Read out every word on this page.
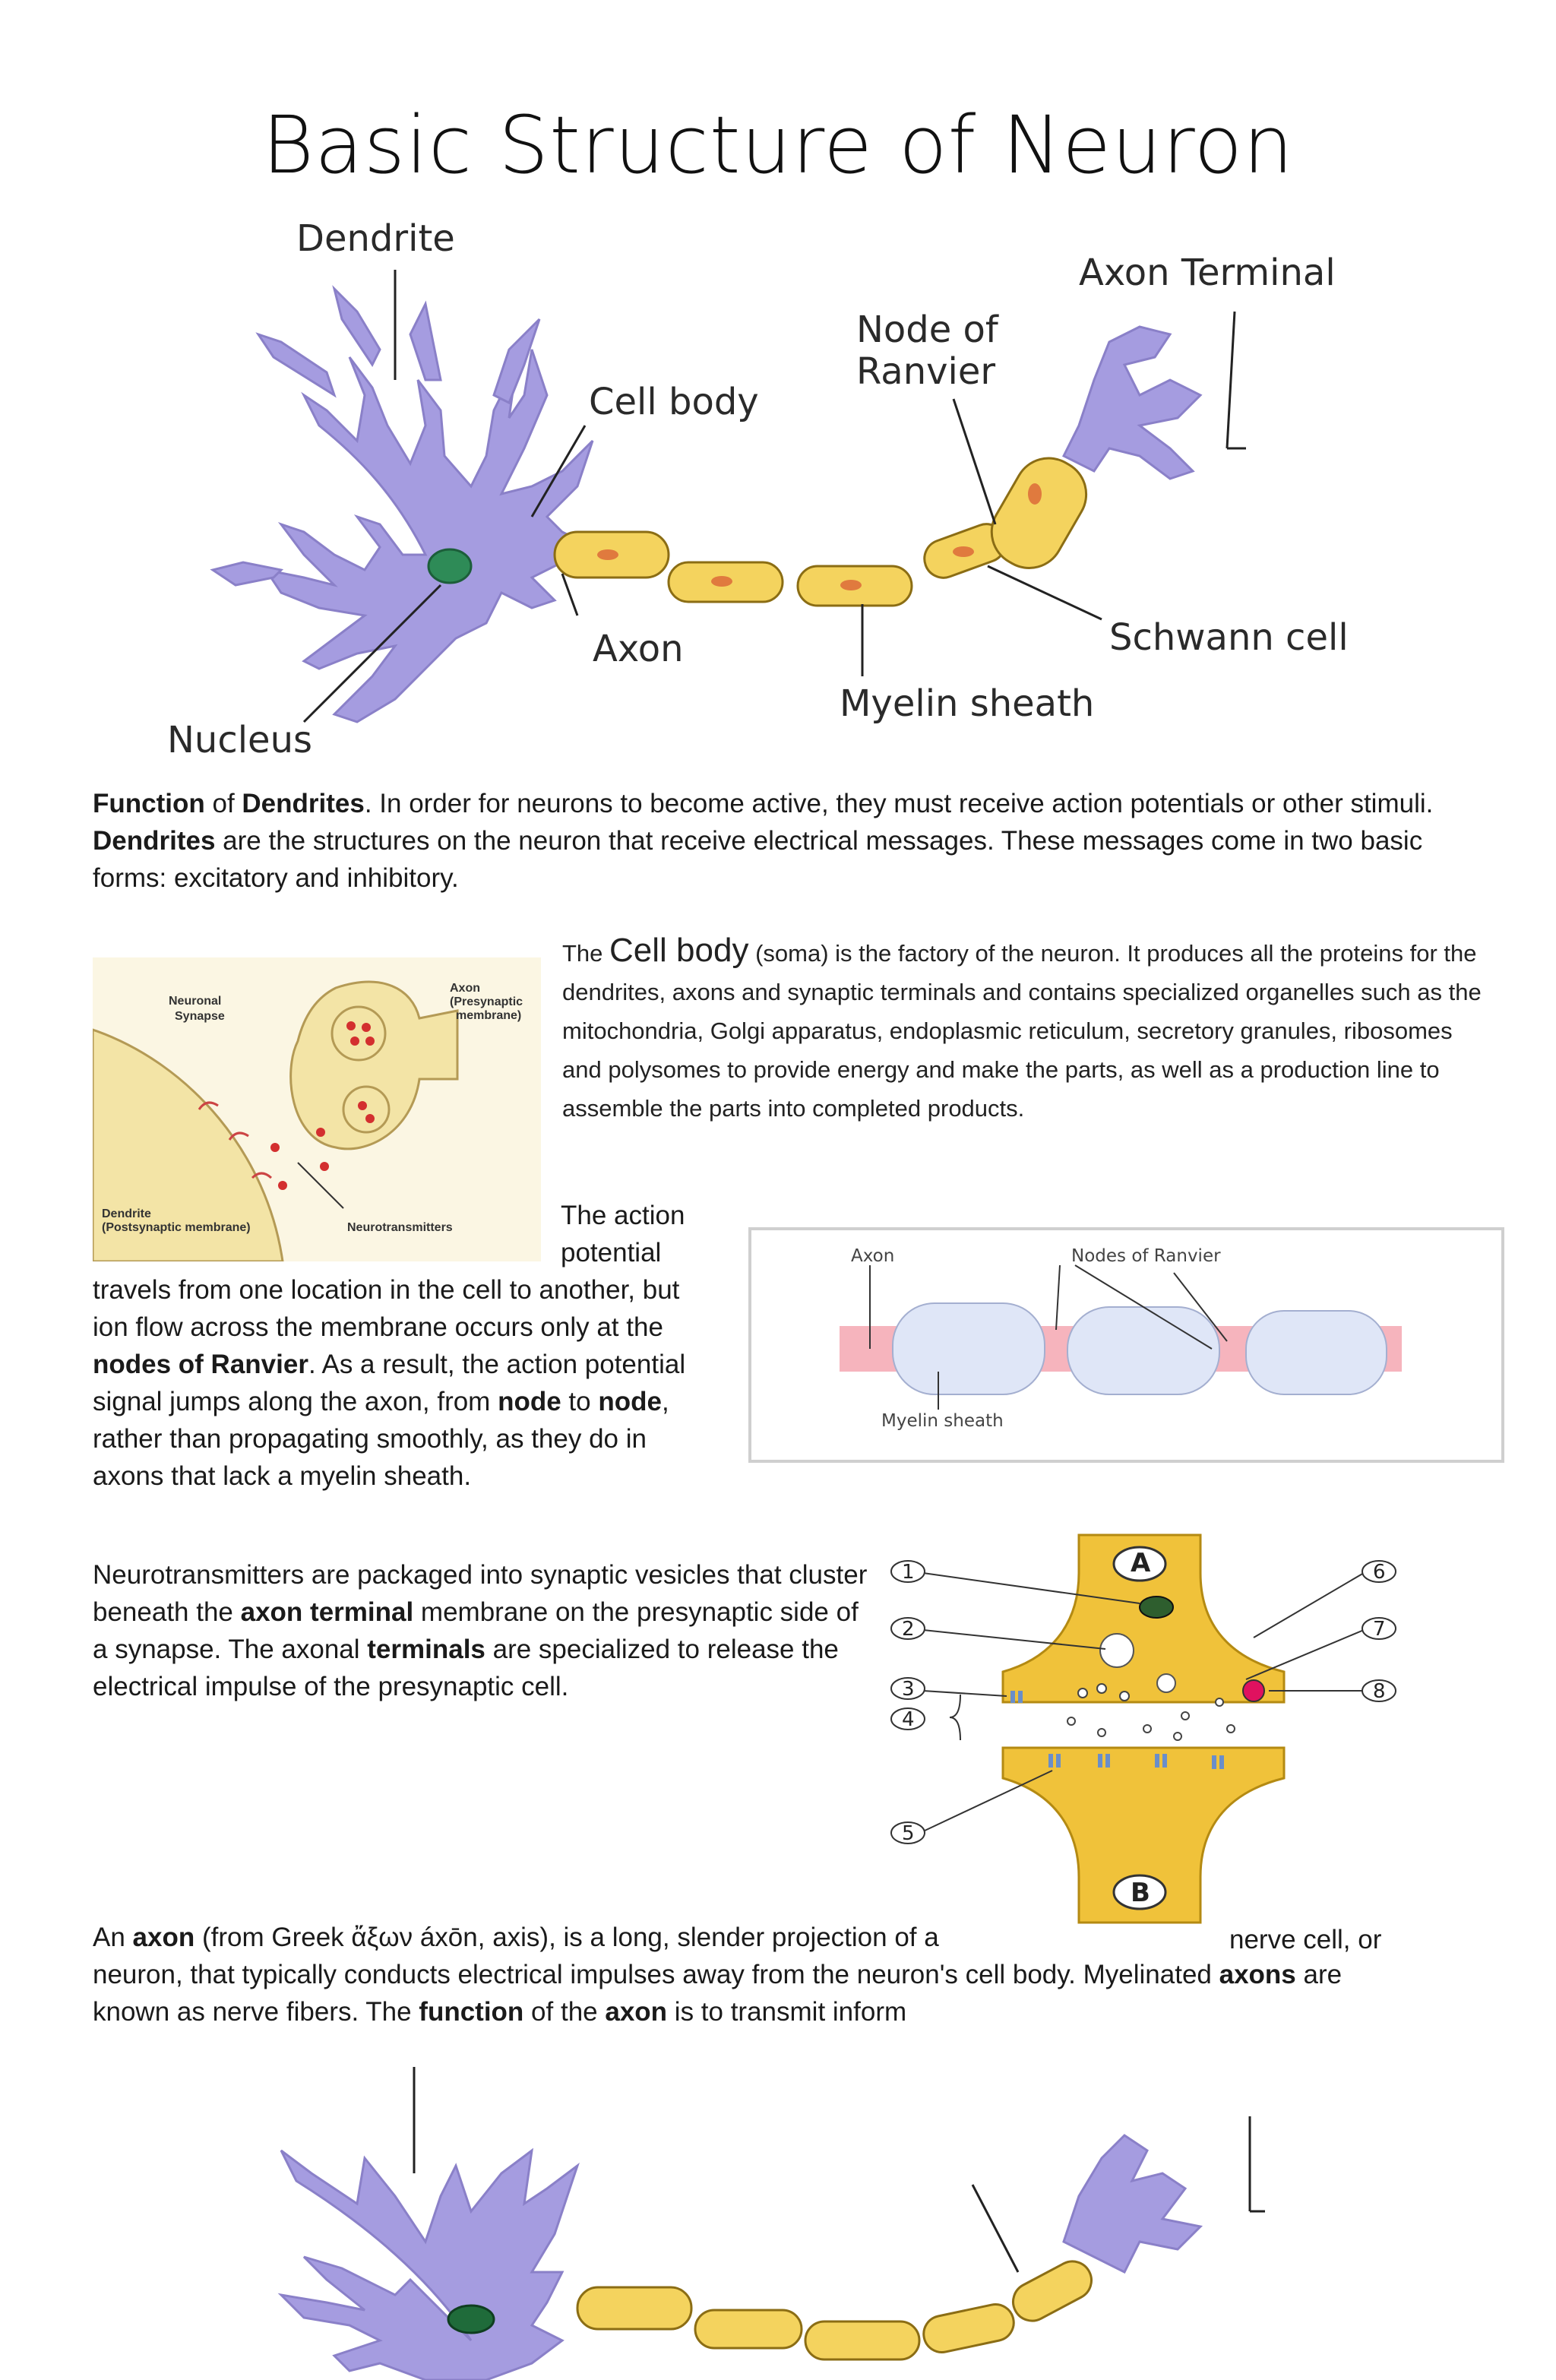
Basic Structure of Neuron
Dendrite
Cell body
Node of
Ranvier
Axon Terminal
Axon	Schwann cell
Myelin sheath
Nucleus
Function of Dendrites. In order for neurons to become active, they must receive action potentials or other stimuli. Dendrites are the structures on the neuron that receive electrical messages. These messages come in two basic forms: excitatory and inhibitory.
Neuronal
Synapse
Axon
(Presynaptic
membrane)
Dendrite
(Postsynaptic membrane)	Neurotransmitters
The Cell body (soma) is the factory of the neuron. It produces all the proteins for the dendrites, axons and synaptic terminals and contains specialized organelles such as the mitochondria, Golgi apparatus, endoplasmic reticulum, secretory granules, ribosomes and polysomes to provide energy and make the parts, as well as a production line to assemble the parts into completed products.
The action
potential
travels from one location in the cell to another, but ion flow across the membrane occurs only at the nodes of Ranvier. As a result, the action potential signal jumps along the axon, from node to node, rather than propagating smoothly, as they do in axons that lack a myelin sheath.
Axon	Nodes of Ranvier
Myelin sheath
Neurotransmitters are packaged into synaptic vesicles that cluster beneath the axon terminal membrane on the presynaptic side of a synapse. The axonal terminals are specialized to release the electrical impulse of the presynaptic cell.
A
B
1
2
3
4
5
6
7
8
An axon (from Greek ἄξων áxōn, axis), is a long, slender projection of a	nerve cell, or
neuron, that typically conducts electrical impulses away from the neuron's cell body. Myelinated axons are
known as nerve fibers. The function of the axon is to transmit inform
